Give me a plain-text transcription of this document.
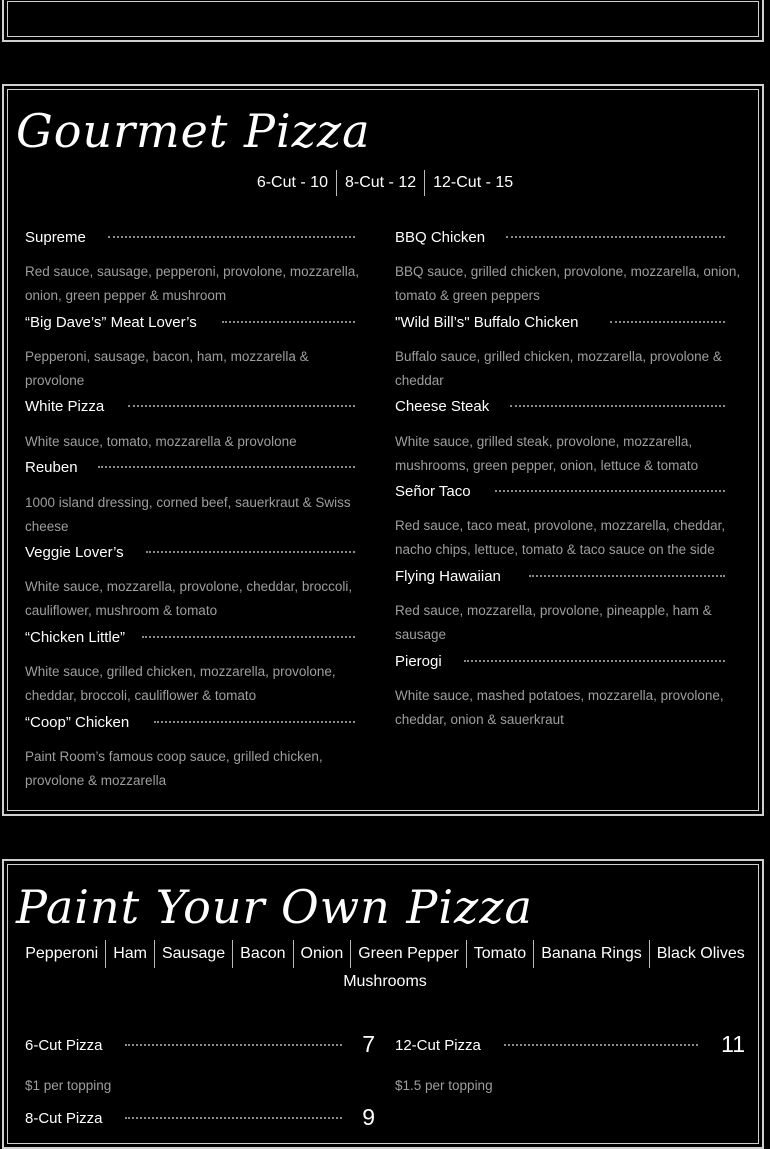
Gourmet Pizza
6-Cut - 10 8-Cut - 12 12-Cut - 15
Supreme
Red sauce, sausage, pepperoni, provolone, mozzarella, onion, green pepper & mushroom
“Big Dave’s” Meat Lover’s
Pepperoni, sausage, bacon, ham, mozzarella & provolone
White Pizza
White sauce, tomato, mozzarella & provolone
Reuben
1000 island dressing, corned beef, sauerkraut & Swiss cheese
Veggie Lover’s
White sauce, mozzarella, provolone, cheddar, broccoli, cauliflower, mushroom & tomato
“Chicken Little”
White sauce, grilled chicken, mozzarella, provolone, cheddar, broccoli, cauliflower & tomato
“Coop” Chicken
Paint Room’s famous coop sauce, grilled chicken, provolone & mozzarella
BBQ Chicken
BBQ sauce, grilled chicken, provolone, mozzarella, onion, tomato & green peppers
"Wild Bill’s" Buffalo Chicken
Buffalo sauce, grilled chicken, mozzarella, provolone & cheddar
Cheese Steak
White sauce, grilled steak, provolone, mozzarella, mushrooms, green pepper, onion, lettuce & tomato
Señor Taco
Red sauce, taco meat, provolone, mozzarella, cheddar, nacho chips, lettuce, tomato & taco sauce on the side
Flying Hawaiian
Red sauce, mozzarella, provolone, pineapple, ham & sausage
Pierogi
White sauce, mashed potatoes, mozzarella, provolone, cheddar, onion & sauerkraut
Paint Your Own Pizza
Pepperoni Ham Sausage Bacon Onion Green Pepper Tomato Banana Rings Black Olives
Mushrooms
6-Cut Pizza	7
$1 per topping
12-Cut Pizza	11
$1.5 per topping
8-Cut Pizza	9
